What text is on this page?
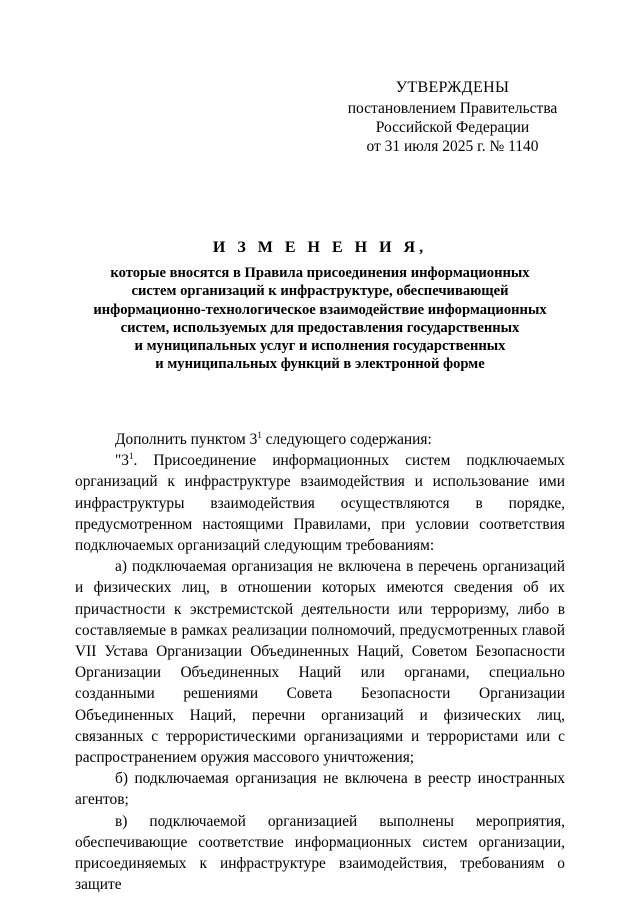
УТВЕРЖДЕНЫ
постановлением Правительства
Российской Федерации
от 31 июля 2025 г. № 1140
И З М Е Н Е Н И Я,
которые вносятся в Правила присоединения информационных
систем организаций к инфраструктуре, обеспечивающей
информационно-технологическое взаимодействие информационных
систем, используемых для предоставления государственных
и муниципальных услуг и исполнения государственных
и муниципальных функций в электронной форме

Дополнить пунктом $3^1$ следующего содержания:

"$3^1$. Присоединение информационных систем подключаемых организаций к инфраструктуре взаимодействия и использование ими инфраструктуры взаимодействия осуществляются в порядке, предусмотренном настоящими Правилами, при условии соответствия подключаемых организаций следующим требованиям:

а) подключаемая организация не включена в перечень организаций и физических лиц, в отношении которых имеются сведения об их причастности к экстремистской деятельности или терроризму, либо в составляемые в рамках реализации полномочий, предусмотренных главой VII Устава Организации Объединенных Наций, Советом Безопасности Организации Объединенных Наций или органами, специально созданными решениями Совета Безопасности Организации Объединенных Наций, перечни организаций и физических лиц, связанных с террористическими организациями и террористами или с распространением оружия массового уничтожения;

б) подключаемая организация не включена в реестр иностранных агентов;

в) подключаемой организацией выполнены мероприятия, обеспечивающие соответствие информационных систем организации, присоединяемых к инфраструктуре взаимодействия, требованиям о защите
